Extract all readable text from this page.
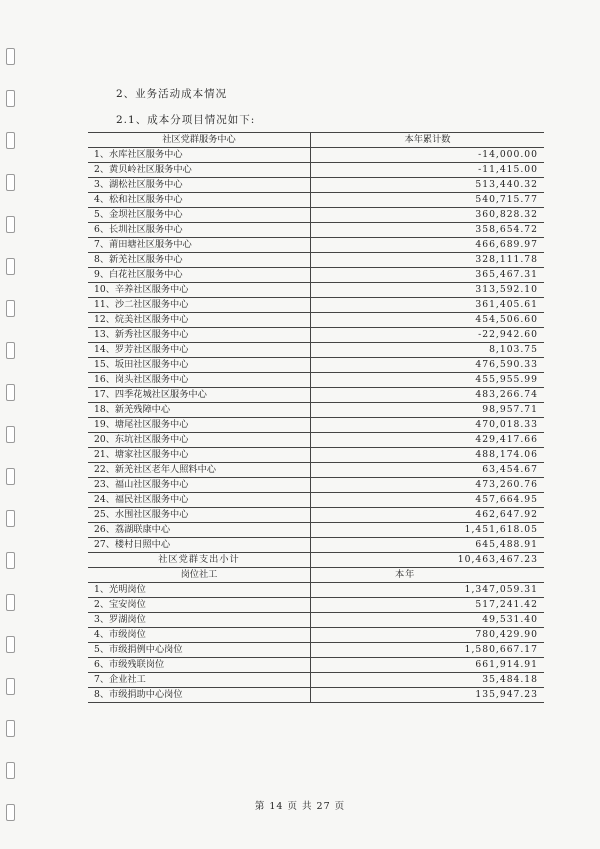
2、业务活动成本情况
2.1、成本分项目情况如下:
社区党群服务中心	本年累计数
1、水库社区服务中心	-14,000.00
2、黄贝岭社区服务中心	-11,415.00
3、湖松社区服务中心	513,440.32
4、松和社区服务中心	540,715.77
5、金坝社区服务中心	360,828.32
6、长圳社区服务中心	358,654.72
7、莆田塘社区服务中心	466,689.97
8、新羌社区服务中心	328,111.78
9、白花社区服务中心	365,467.31
10、辛养社区服务中心	313,592.10
11、沙二社区服务中心	361,405.61
12、烷美社区服务中心	454,506.60
13、新秀社区服务中心	-22,942.60
14、罗芳社区服务中心	8,103.75
15、坂田社区服务中心	476,590.33
16、岗头社区服务中心	455,955.99
17、四季花城社区服务中心	483,266.74
18、新羌残障中心	98,957.71
19、塘尾社区服务中心	470,018.33
20、东坑社区服务中心	429,417.66
21、塘家社区服务中心	488,174.06
22、新羌社区老年人照料中心	63,454.67
23、福山社区服务中心	473,260.76
24、福民社区服务中心	457,664.95
25、水围社区服务中心	462,647.92
26、荔湖联康中心	1,451,618.05
27、楼村日照中心	645,488.91
社区党群支出小计	10,463,467.23
岗位社工	本年
1、光明岗位	1,347,059.31
2、宝安岗位	517,241.42
3、罗湖岗位	49,531.40
4、市级岗位	780,429.90
5、市级捐例中心岗位	1,580,667.17
6、市级残联岗位	661,914.91
7、企业社工	35,484.18
8、市级捐助中心岗位	135,947.23
第 14 页 共 27 页
